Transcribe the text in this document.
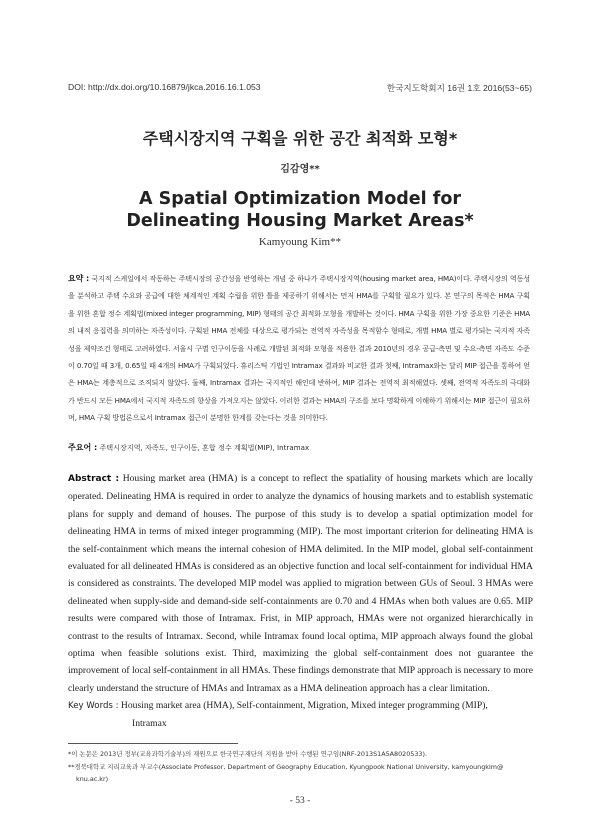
DOI: http://dx.doi.org/10.16879/jkca.2016.16.1.053	한국지도학회지 16권 1호 2016(53~65)
주택시장지역 구획을 위한 공간 최적화 모형*
김감영**
A Spatial Optimization Model for
Delineating Housing Market Areas*
Kamyoung Kim**
요약 : 국지적 스케일에서 작동하는 주택시장의 공간성을 반영하는 개념 중 하나가 주택시장지역(housing market area, HMA)이다. 주택시장의 역동성을 분석하고 주택 수요와 공급에 대한 체계적인 계획 수립을 위한 틀을 제공하기 위해서는 먼저 HMA를 구획할 필요가 있다. 본 연구의 목적은 HMA 구획을 위한 혼합 정수 계획법(mixed integer programming, MIP) 형태의 공간 최적화 모형을 개발하는 것이다. HMA 구획을 위한 가장 중요한 기준은 HMA의 내적 응집력을 의미하는 자족성이다. 구획된 HMA 전체를 대상으로 평가되는 전역적 자족성을 목적함수 형태로, 개별 HMA 별로 평가되는 국지적 자족성을 제약조건 형태로 고려하였다. 서울시 구별 인구이동을 사례로 개발된 최적화 모형을 적용한 결과 2010년의 경우 공급-측면 및 수요-측면 자족도 수준이 0.70일 때 3개, 0.65일 때 4개의 HMA가 구획되었다. 휴리스틱 기법인 Intramax 결과와 비교한 결과 첫째, Intramax와는 달리 MIP 접근을 통하여 얻은 HMA는 계층적으로 조직되지 않았다. 둘째, Intramax 결과는 국지적인 해인데 반하여, MIP 결과는 전역적 최적해였다. 셋째, 전역적 자족도의 극대화가 반드시 모든 HMA에서 국지적 자족도의 향상을 가져오지는 않았다. 이러한 결과는 HMA의 구조를 보다 명확하게 이해하기 위해서는 MIP 접근이 필요하며, HMA 구획 방법론으로서 Intramax 접근이 분명한 한계를 갖는다는 것을 의미한다.
주요어 : 주택시장지역, 자족도, 인구이동, 혼합 정수 계획법(MIP), Intramax
Abstract : Housing market area (HMA) is a concept to reflect the spatiality of housing markets which are locally operated. Delineating HMA is required in order to analyze the dynamics of housing markets and to establish systematic plans for supply and demand of houses. The purpose of this study is to develop a spatial optimization model for delineating HMA in terms of mixed integer programming (MIP). The most important criterion for delineating HMA is the self-containment which means the internal cohesion of HMA delimited. In the MIP model, global self-containment evaluated for all delineated HMAs is considered as an objective function and local self-containment for individual HMA is considered as constraints. The developed MIP model was applied to migration between GUs of Seoul. 3 HMAs were delineated when supply-side and demand-side self-containments are 0.70 and 4 HMAs when both values are 0.65. MIP results were compared with those of Intramax. Frist, in MIP approach, HMAs were not organized hierarchically in contrast to the results of Intramax. Second, while Intramax found local optima, MIP approach always found the global optima when feasible solutions exist. Third, maximizing the global self-containment does not guarantee the improvement of local self-containment in all HMAs. These findings demonstrate that MIP approach is necessary to more clearly understand the structure of HMAs and Intramax as a HMA delineation approach has a clear limitation.
Key Words : Housing market area (HMA), Self-containment, Migration, Mixed integer programming (MIP),
Intramax
*이 논문은 2013년 정부(교육과학기술부)의 재원으로 한국연구재단의 지원을 받아 수행된 연구임(NRF-2013S1A5A8020533).
**경북대학교 지리교육과 부교수(Associate Professor, Department of Geography Education, Kyungpook National University, kamyoungkim@
knu.ac.kr)
- 53 -
